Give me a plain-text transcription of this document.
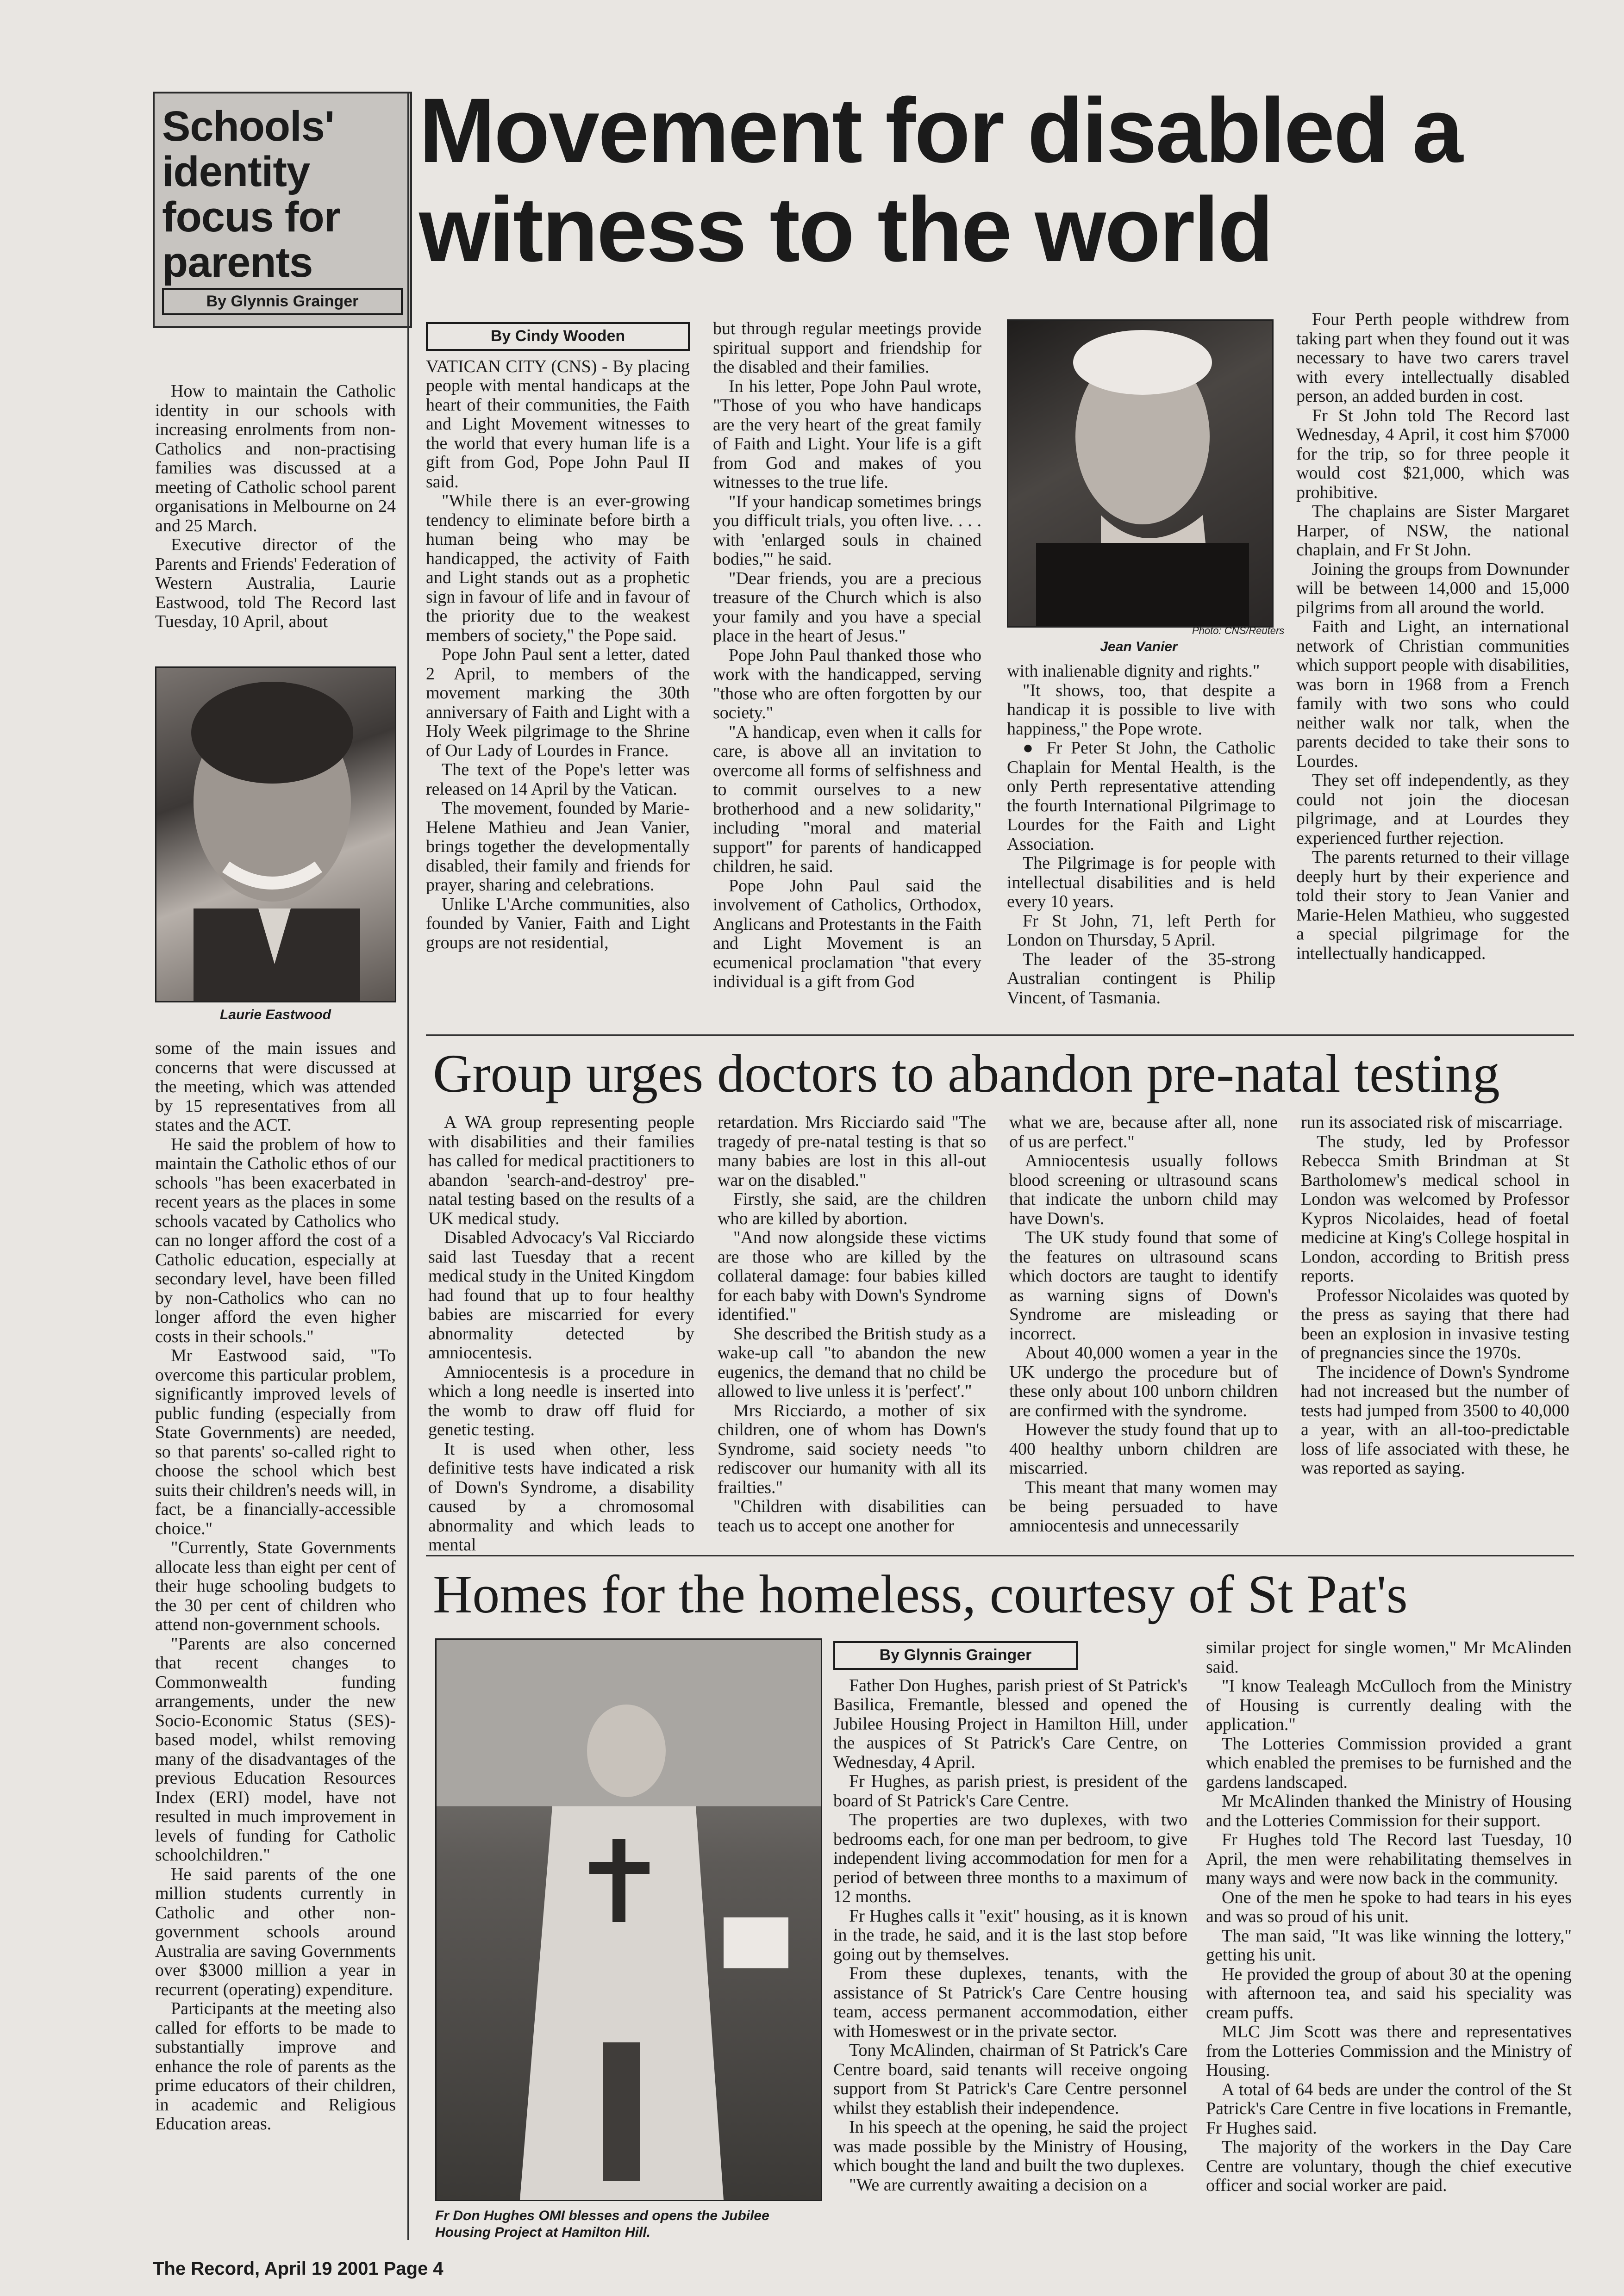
Schools' identity focus for parents
By Glynnis Grainger

How to maintain the Catholic identity in our schools with increasing enrolments from non-Catholics and non-practising families was discussed at a meeting of Catholic school parent organisations in Melbourne on 24 and 25 March.

Executive director of the Parents and Friends' Federation of Western Australia, Laurie Eastwood, told The Record last Tuesday, 10 April, about

Laurie Eastwood

some of the main issues and concerns that were discussed at the meeting, which was attended by 15 representatives from all states and the ACT.

He said the problem of how to maintain the Catholic ethos of our schools "has been exacerbated in recent years as the places in some schools vacated by Catholics who can no longer afford the cost of a Catholic education, especially at secondary level, have been filled by non-Catholics who can no longer afford the even higher costs in their schools."

Mr Eastwood said, "To overcome this particular problem, significantly improved levels of public funding (especially from State Governments) are needed, so that parents' so-called right to choose the school which best suits their children's needs will, in fact, be a financially-accessible choice."

"Currently, State Governments allocate less than eight per cent of their huge schooling budgets to the 30 per cent of children who attend non-government schools.

"Parents are also concerned that recent changes to Commonwealth funding arrangements, under the new Socio-Economic Status (SES)-based model, whilst removing many of the disadvantages of the previous Education Resources Index (ERI) model, have not resulted in much improvement in levels of funding for Catholic schoolchildren."

He said parents of the one million students currently in Catholic and other non-government schools around Australia are saving Governments over $3000 million a year in recurrent (operating) expenditure.

Participants at the meeting also called for efforts to be made to substantially improve and enhance the role of parents as the prime educators of their children, in academic and Religious Education areas.

Movement for disabled a witness to the world
By Cindy Wooden

VATICAN CITY (CNS) - By placing people with mental handicaps at the heart of their communities, the Faith and Light Movement witnesses to the world that every human life is a gift from God, Pope John Paul II said.

"While there is an ever-growing tendency to eliminate before birth a human being who may be handicapped, the activity of Faith and Light stands out as a prophetic sign in favour of life and in favour of the priority due to the weakest members of society," the Pope said.

Pope John Paul sent a letter, dated 2 April, to members of the movement marking the 30th anniversary of Faith and Light with a Holy Week pilgrimage to the Shrine of Our Lady of Lourdes in France.

The text of the Pope's letter was released on 14 April by the Vatican.

The movement, founded by Marie-Helene Mathieu and Jean Vanier, brings together the developmentally disabled, their family and friends for prayer, sharing and celebrations.

Unlike L'Arche communities, also founded by Vanier, Faith and Light groups are not residential,

but through regular meetings provide spiritual support and friendship for the disabled and their families.

In his letter, Pope John Paul wrote, "Those of you who have handicaps are the very heart of the great family of Faith and Light. Your life is a gift from God and makes of you witnesses to the true life.

"If your handicap sometimes brings you difficult trials, you often live. . . . with 'enlarged souls in chained bodies,'" he said.

"Dear friends, you are a precious treasure of the Church which is also your family and you have a special place in the heart of Jesus."

Pope John Paul thanked those who work with the handicapped, serving "those who are often forgotten by our society."

"A handicap, even when it calls for care, is above all an invitation to overcome all forms of selfishness and to commit ourselves to a new brotherhood and a new solidarity," including "moral and material support" for parents of handicapped children, he said.

Pope John Paul said the involvement of Catholics, Orthodox, Anglicans and Protestants in the Faith and Light Movement is an ecumenical proclamation "that every individual is a gift from God

Photo: CNS/Reuters
Jean Vanier

with inalienable dignity and rights."

"It shows, too, that despite a handicap it is possible to live with happiness," the Pope wrote.

● Fr Peter St John, the Catholic Chaplain for Mental Health, is the only Perth representative attending the fourth International Pilgrimage to Lourdes for the Faith and Light Association.

The Pilgrimage is for people with intellectual disabilities and is held every 10 years.

Fr St John, 71, left Perth for London on Thursday, 5 April.

The leader of the 35-strong Australian contingent is Philip Vincent, of Tasmania.

Four Perth people withdrew from taking part when they found out it was necessary to have two carers travel with every intellectually disabled person, an added burden in cost.

Fr St John told The Record last Wednesday, 4 April, it cost him $7000 for the trip, so for three people it would cost $21,000, which was prohibitive.

The chaplains are Sister Margaret Harper, of NSW, the national chaplain, and Fr St John.

Joining the groups from Downunder will be between 14,000 and 15,000 pilgrims from all around the world.

Faith and Light, an international network of Christian communities which support people with disabilities, was born in 1968 from a French family with two sons who could neither walk nor talk, when the parents decided to take their sons to Lourdes.

They set off independently, as they could not join the diocesan pilgrimage, and at Lourdes they experienced further rejection.

The parents returned to their village deeply hurt by their experience and told their story to Jean Vanier and Marie-Helen Mathieu, who suggested a special pilgrimage for the intellectually handicapped.

Group urges doctors to abandon pre-natal testing

A WA group representing people with disabilities and their families has called for medical practitioners to abandon 'search-and-destroy' pre-natal testing based on the results of a UK medical study.

Disabled Advocacy's Val Ricciardo said last Tuesday that a recent medical study in the United Kingdom had found that up to four healthy babies are miscarried for every abnormality detected by amniocentesis.

Amniocentesis is a procedure in which a long needle is inserted into the womb to draw off fluid for genetic testing.

It is used when other, less definitive tests have indicated a risk of Down's Syndrome, a disability caused by a chromosomal abnormality and which leads to mental

retardation. Mrs Ricciardo said "The tragedy of pre-natal testing is that so many babies are lost in this all-out war on the disabled."

Firstly, she said, are the children who are killed by abortion.

"And now alongside these victims are those who are killed by the collateral damage: four babies killed for each baby with Down's Syndrome identified."

She described the British study as a wake-up call "to abandon the new eugenics, the demand that no child be allowed to live unless it is 'perfect'."

Mrs Ricciardo, a mother of six children, one of whom has Down's Syndrome, said society needs "to rediscover our humanity with all its frailties."

"Children with disabilities can teach us to accept one another for

what we are, because after all, none of us are perfect."

Amniocentesis usually follows blood screening or ultrasound scans that indicate the unborn child may have Down's.

The UK study found that some of the features on ultrasound scans which doctors are taught to identify as warning signs of Down's Syndrome are misleading or incorrect.

About 40,000 women a year in the UK undergo the procedure but of these only about 100 unborn children are confirmed with the syndrome.

However the study found that up to 400 healthy unborn children are miscarried.

This meant that many women may be being persuaded to have amniocentesis and unnecessarily

run its associated risk of miscarriage.

The study, led by Professor Rebecca Smith Brindman at St Bartholomew's medical school in London was welcomed by Professor Kypros Nicolaides, head of foetal medicine at King's College hospital in London, according to British press reports.

Professor Nicolaides was quoted by the press as saying that there had been an explosion in invasive testing of pregnancies since the 1970s.

The incidence of Down's Syndrome had not increased but the number of tests had jumped from 3500 to 40,000 a year, with an all-too-predictable loss of life associated with these, he was reported as saying.

Homes for the homeless, courtesy of St Pat's
Fr Don Hughes OMI blesses and opens the Jubilee Housing Project at Hamilton Hill.
By Glynnis Grainger

Father Don Hughes, parish priest of St Patrick's Basilica, Fremantle, blessed and opened the Jubilee Housing Project in Hamilton Hill, under the auspices of St Patrick's Care Centre, on Wednesday, 4 April.

Fr Hughes, as parish priest, is president of the board of St Patrick's Care Centre.

The properties are two duplexes, with two bedrooms each, for one man per bedroom, to give independent living accommodation for men for a period of between three months to a maximum of 12 months.

Fr Hughes calls it "exit" housing, as it is known in the trade, he said, and it is the last stop before going out by themselves.

From these duplexes, tenants, with the assistance of St Patrick's Care Centre housing team, access permanent accommodation, either with Homeswest or in the private sector.

Tony McAlinden, chairman of St Patrick's Care Centre board, said tenants will receive ongoing support from St Patrick's Care Centre personnel whilst they establish their independence.

In his speech at the opening, he said the project was made possible by the Ministry of Housing, which bought the land and built the two duplexes.

"We are currently awaiting a decision on a

similar project for single women," Mr McAlinden said.

"I know Tealeagh McCulloch from the Ministry of Housing is currently dealing with the application."

The Lotteries Commission provided a grant which enabled the premises to be furnished and the gardens landscaped.

Mr McAlinden thanked the Ministry of Housing and the Lotteries Commission for their support.

Fr Hughes told The Record last Tuesday, 10 April, the men were rehabilitating themselves in many ways and were now back in the community.

One of the men he spoke to had tears in his eyes and was so proud of his unit.

The man said, "It was like winning the lottery," getting his unit.

He provided the group of about 30 at the opening with afternoon tea, and said his speciality was cream puffs.

MLC Jim Scott was there and representatives from the Lotteries Commission and the Ministry of Housing.

A total of 64 beds are under the control of the St Patrick's Care Centre in five locations in Fremantle, Fr Hughes said.

The majority of the workers in the Day Care Centre are voluntary, though the chief executive officer and social worker are paid.

The Record, April 19 2001 Page 4
